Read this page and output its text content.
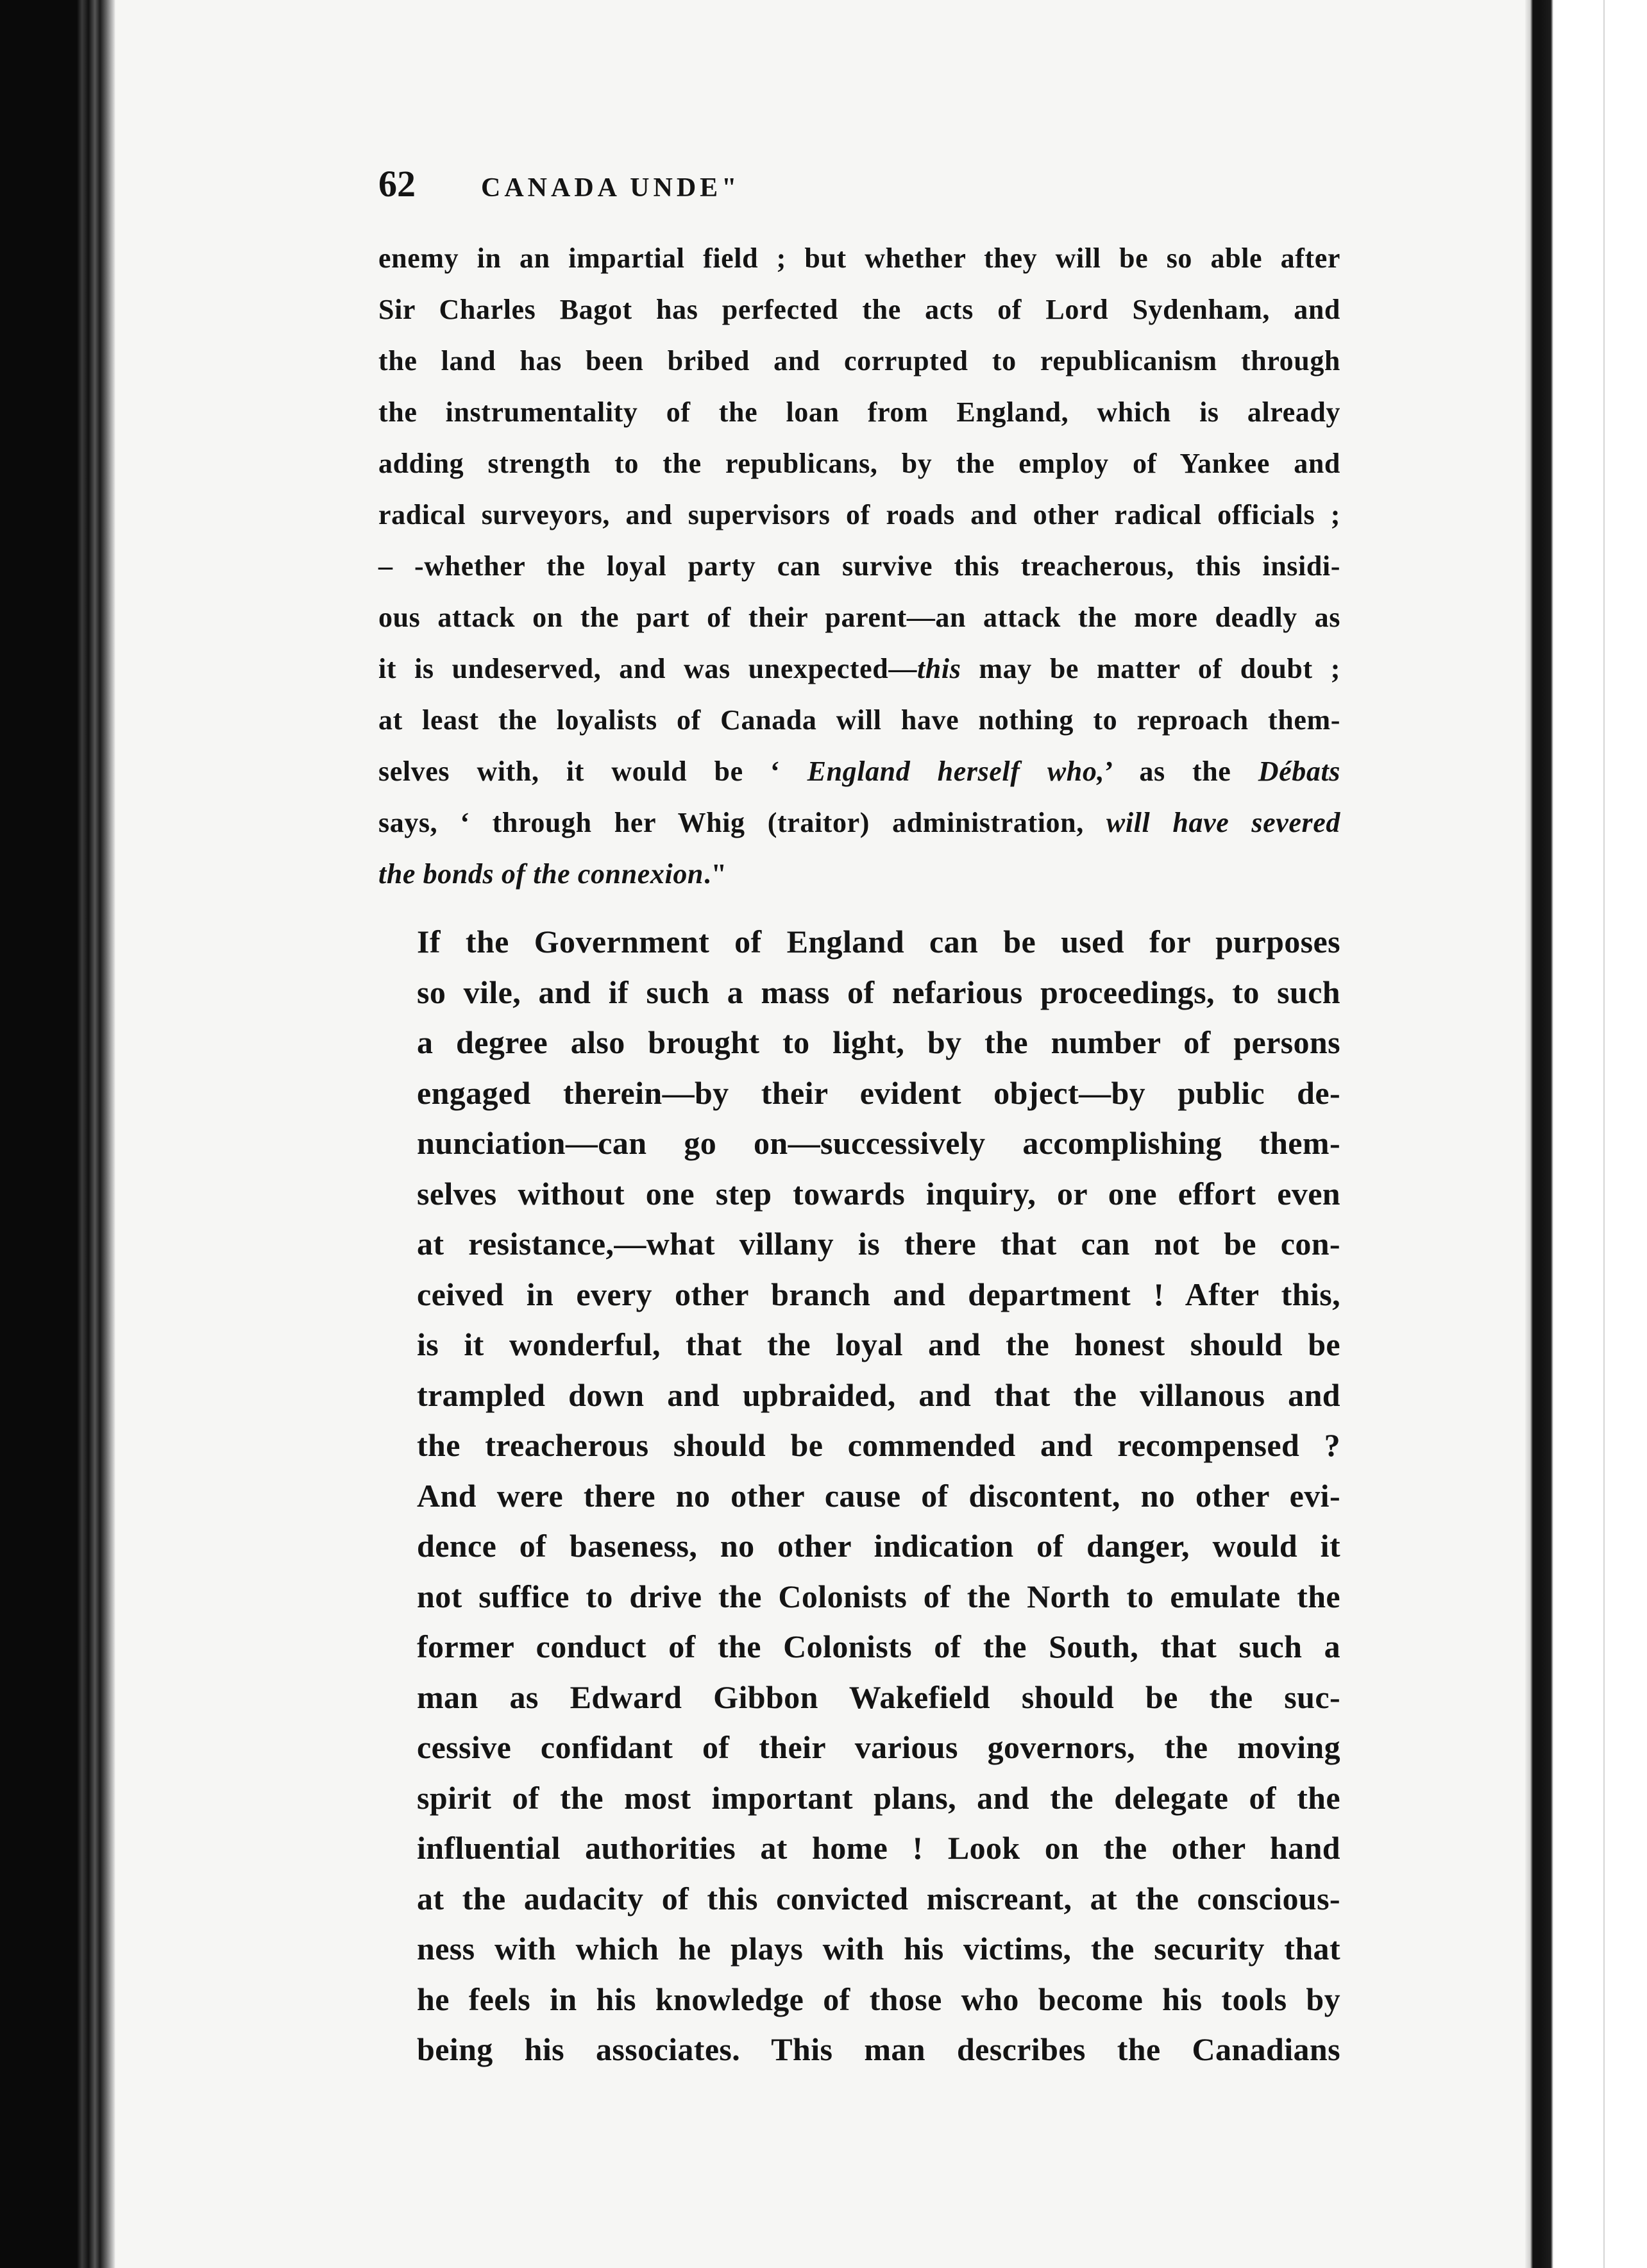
62 CANADA UNDE"
enemy in an impartial field ; but whether they will be so able after
Sir Charles Bagot has perfected the acts of Lord Sydenham, and
the land has been bribed and corrupted to republicanism through
the instrumentality of the loan from England, which is already
adding strength to the republicans, by the employ of Yankee and
radical surveyors, and supervisors of roads and other radical officials ;
– -whether the loyal party can survive this treacherous, this insidi-
ous attack on the part of their parent—an attack the more deadly as
it is undeserved, and was unexpected—this may be matter of doubt ;
at least the loyalists of Canada will have nothing to reproach them-
selves with, it would be ‘ England herself who,’ as the Débats
says, ‘ through her Whig (traitor) administration, will have severed
the bonds of the connexion."
If the Government of England can be used for purposes
so vile, and if such a mass of nefarious proceedings, to such
a degree also brought to light, by the number of persons
engaged therein—by their evident object—by public de-
nunciation—can go on—successively accomplishing them-
selves without one step towards inquiry, or one effort even
at resistance,—what villany is there that can not be con-
ceived in every other branch and department ! After this,
is it wonderful, that the loyal and the honest should be
trampled down and upbraided, and that the villanous and
the treacherous should be commended and recompensed ?
And were there no other cause of discontent, no other evi-
dence of baseness, no other indication of danger, would it
not suffice to drive the Colonists of the North to emulate the
former conduct of the Colonists of the South, that such a
man as Edward Gibbon Wakefield should be the suc-
cessive confidant of their various governors, the moving
spirit of the most important plans, and the delegate of the
influential authorities at home ! Look on the other hand
at the audacity of this convicted miscreant, at the conscious-
ness with which he plays with his victims, the security that
he feels in his knowledge of those who become his tools by
being his associates. This man describes the Canadians
